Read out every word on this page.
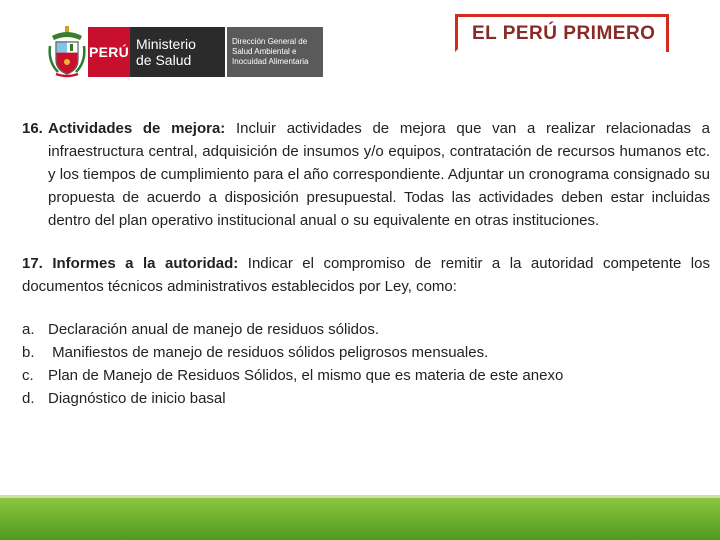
PERÚ Ministerio
de Salud
Dirección General de
Salud Ambiental e
Inocuidad Alimentaria
EL PERÚ PRIMERO
16. Actividades de mejora: Incluir actividades de mejora que van a realizar relacionadas a infraestructura central, adquisición de insumos y/o equipos, contratación de recursos humanos etc. y los tiempos de cumplimiento para el año correspondiente. Adjuntar un cronograma consignado su propuesta de acuerdo a disposición presupuestal. Todas las actividades deben estar incluidas dentro del plan operativo institucional anual o su equivalente en otras instituciones.

17. Informes a la autoridad: Indicar el compromiso de remitir a la autoridad competente los documentos técnicos administrativos establecidos por Ley, como:

a. Declaración anual de manejo de residuos sólidos.
b. Manifiestos de manejo de residuos sólidos peligrosos mensuales.
c. Plan de Manejo de Residuos Sólidos, el mismo que es materia de este anexo
d. Diagnóstico de inicio basal
